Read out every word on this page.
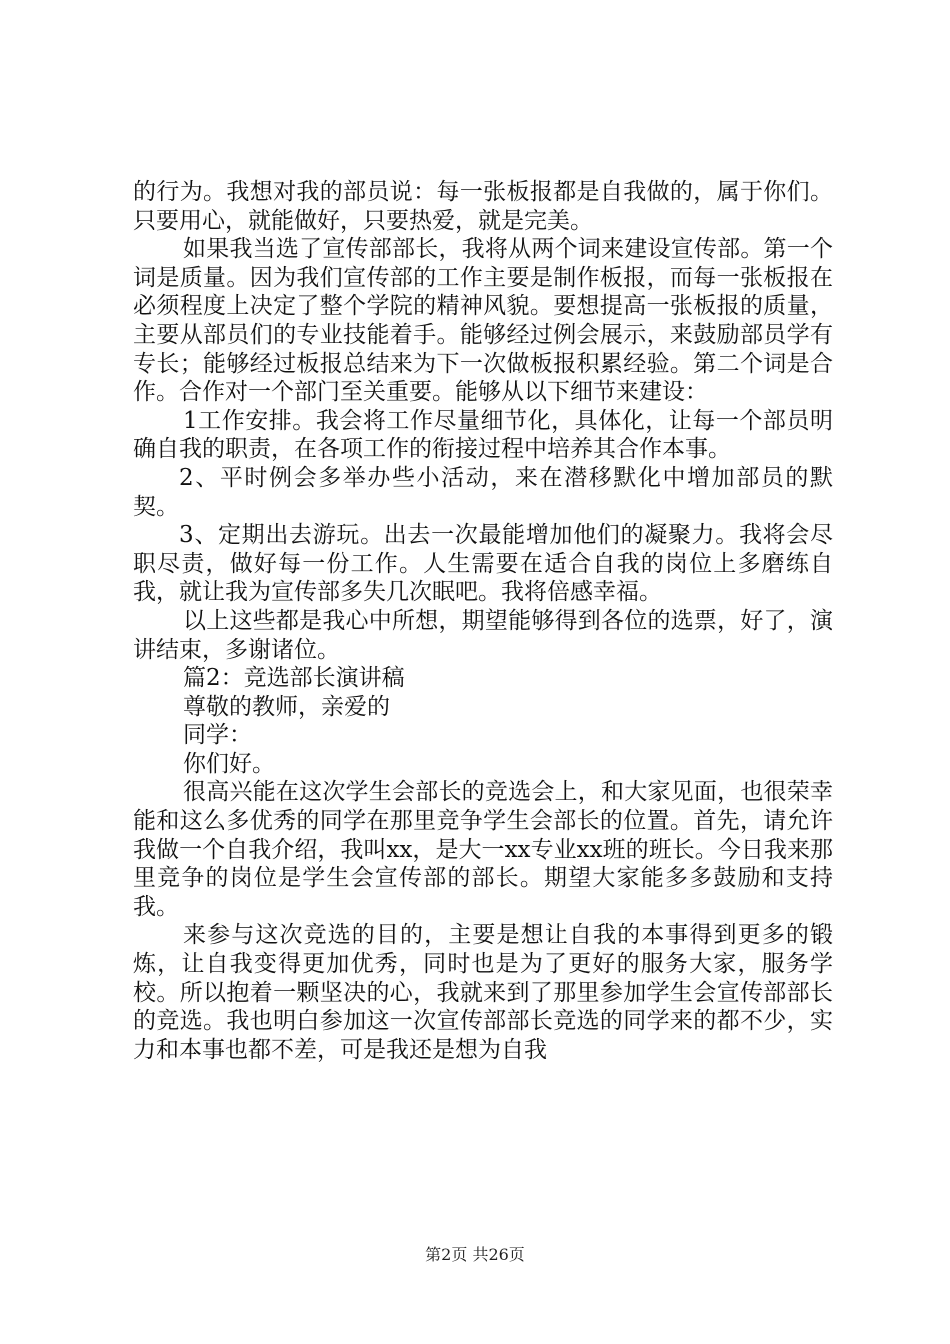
的行为。我想对我的部员说：每一张板报都是自我做的，属于你们。只要用心，就能做好，只要热爱，就是完美。

如果我当选了宣传部部长，我将从两个词来建设宣传部。第一个词是质量。因为我们宣传部的工作主要是制作板报，而每一张板报在必须程度上决定了整个学院的精神风貌。要想提高一张板报的质量，主要从部员们的专业技能着手。能够经过例会展示，来鼓励部员学有专长；能够经过板报总结来为下一次做板报积累经验。第二个词是合作。合作对一个部门至关重要。能够从以下细节来建设：

1工作安排。我会将工作尽量细节化，具体化，让每一个部员明确自我的职责，在各项工作的衔接过程中培养其合作本事。

2、平时例会多举办些小活动，来在潜移默化中增加部员的默契。

3、定期出去游玩。出去一次最能增加他们的凝聚力。我将会尽职尽责，做好每一份工作。人生需要在适合自我的岗位上多磨练自我，就让我为宣传部多失几次眠吧。我将倍感幸福。

以上这些都是我心中所想，期望能够得到各位的选票，好了，演讲结束，多谢诸位。

篇2：竞选部长演讲稿

尊敬的教师，亲爱的

同学：

你们好。

很高兴能在这次学生会部长的竞选会上，和大家见面，也很荣幸能和这么多优秀的同学在那里竞争学生会部长的位置。首先，请允许我做一个自我介绍，我叫xx，是大一xx专业xx班的班长。今日我来那里竞争的岗位是学生会宣传部的部长。期望大家能多多鼓励和支持我。

来参与这次竞选的目的，主要是想让自我的本事得到更多的锻炼，让自我变得更加优秀，同时也是为了更好的服务大家，服务学校。所以抱着一颗坚决的心，我就来到了那里参加学生会宣传部部长的竞选。我也明白参加这一次宣传部部长竞选的同学来的都不少，实力和本事也都不差，可是我还是想为自我

第2页 共26页
